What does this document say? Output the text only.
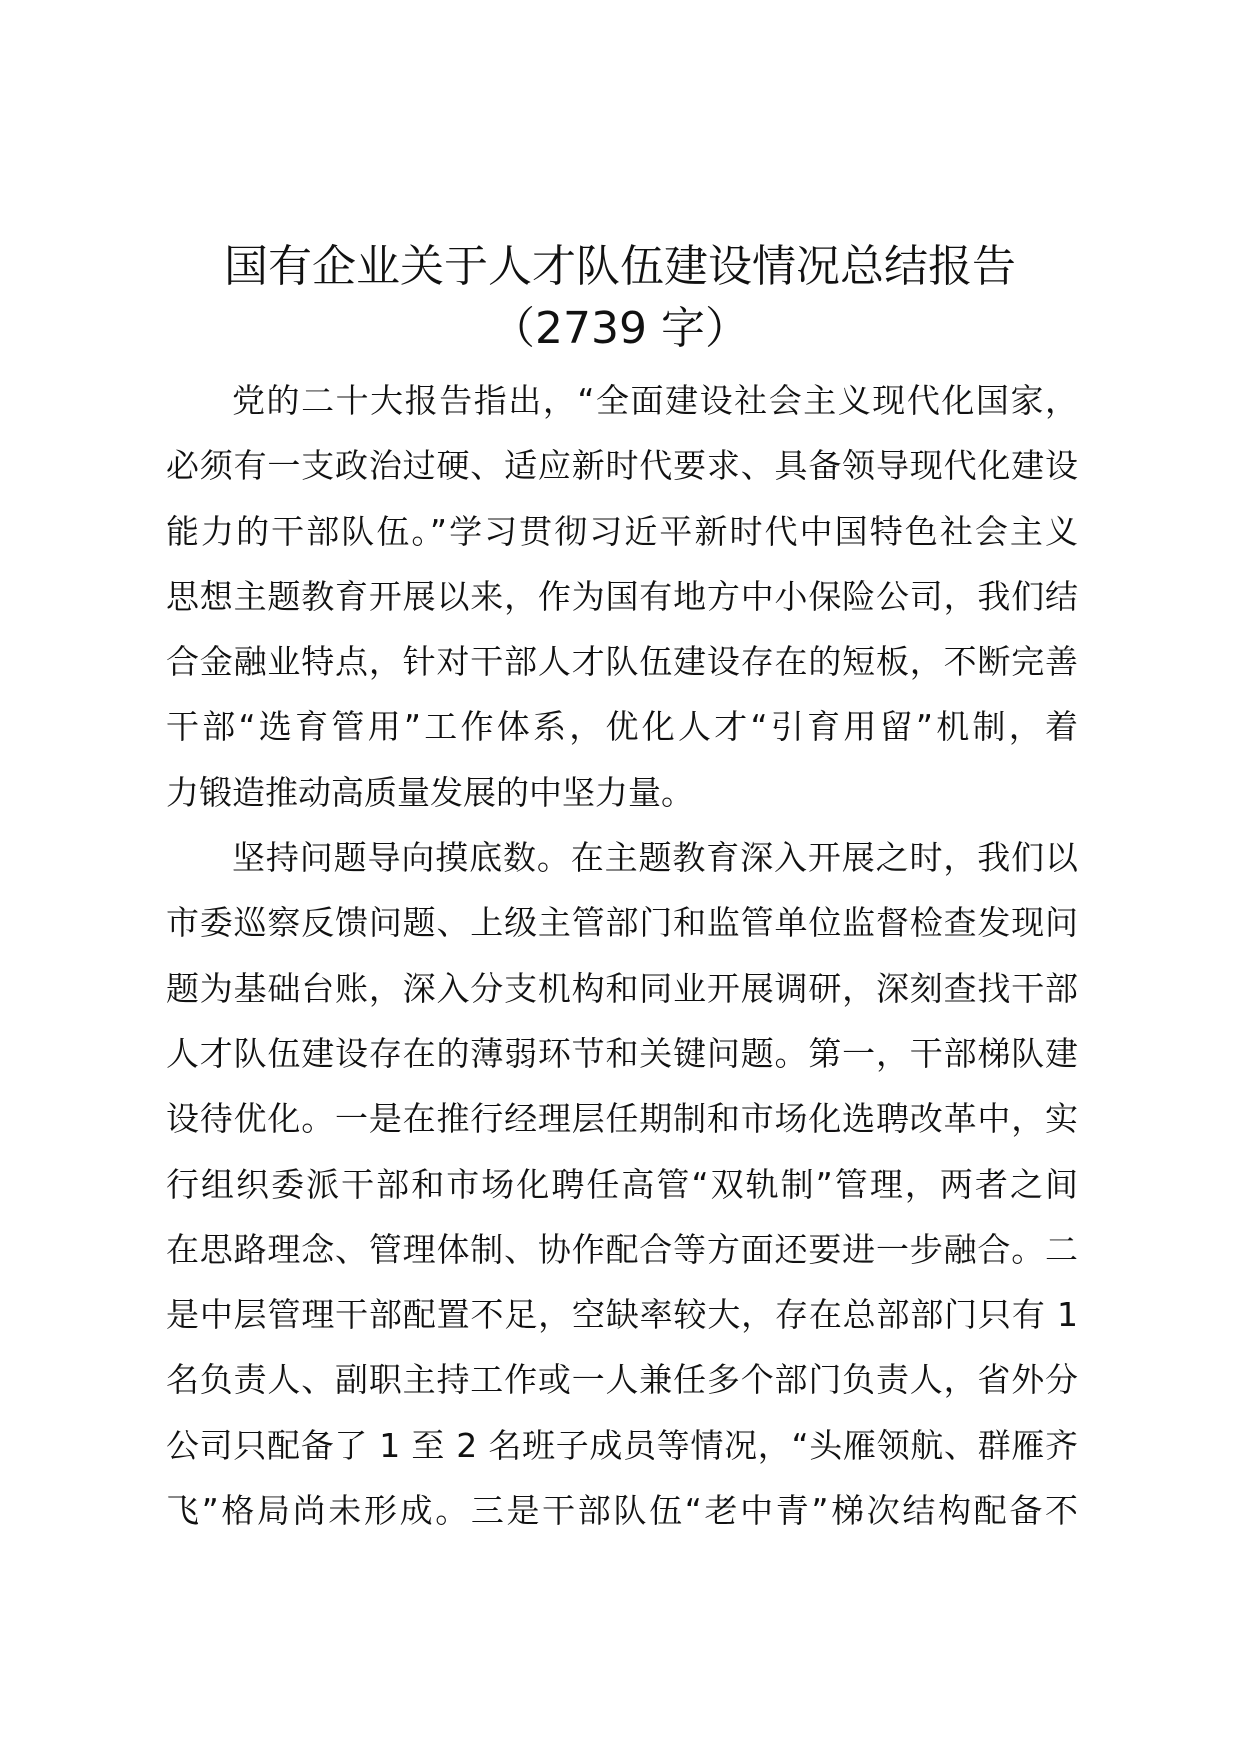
国有企业关于人才队伍建设情况总结报告
（2739 字）
党的二十大报告指出，“全面建设社会主义现代化国家，
必须有一支政治过硬、适应新时代要求、具备领导现代化建设
能力的干部队伍。”学习贯彻习近平新时代中国特色社会主义
思想主题教育开展以来，作为国有地方中小保险公司，我们结
合金融业特点，针对干部人才队伍建设存在的短板，不断完善
干部“选育管用”工作体系，优化人才“引育用留”机制，着
力锻造推动高质量发展的中坚力量。
坚持问题导向摸底数。在主题教育深入开展之时，我们以
市委巡察反馈问题、上级主管部门和监管单位监督检查发现问
题为基础台账，深入分支机构和同业开展调研，深刻查找干部
人才队伍建设存在的薄弱环节和关键问题。第一，干部梯队建
设待优化。一是在推行经理层任期制和市场化选聘改革中，实
行组织委派干部和市场化聘任高管“双轨制”管理，两者之间
在思路理念、管理体制、协作配合等方面还要进一步融合。二
是中层管理干部配置不足，空缺率较大，存在总部部门只有 1
名负责人、副职主持工作或一人兼任多个部门负责人，省外分
公司只配备了 1 至 2 名班子成员等情况，“头雁领航、群雁齐
飞”格局尚未形成。三是干部队伍“老中青”梯次结构配备不
